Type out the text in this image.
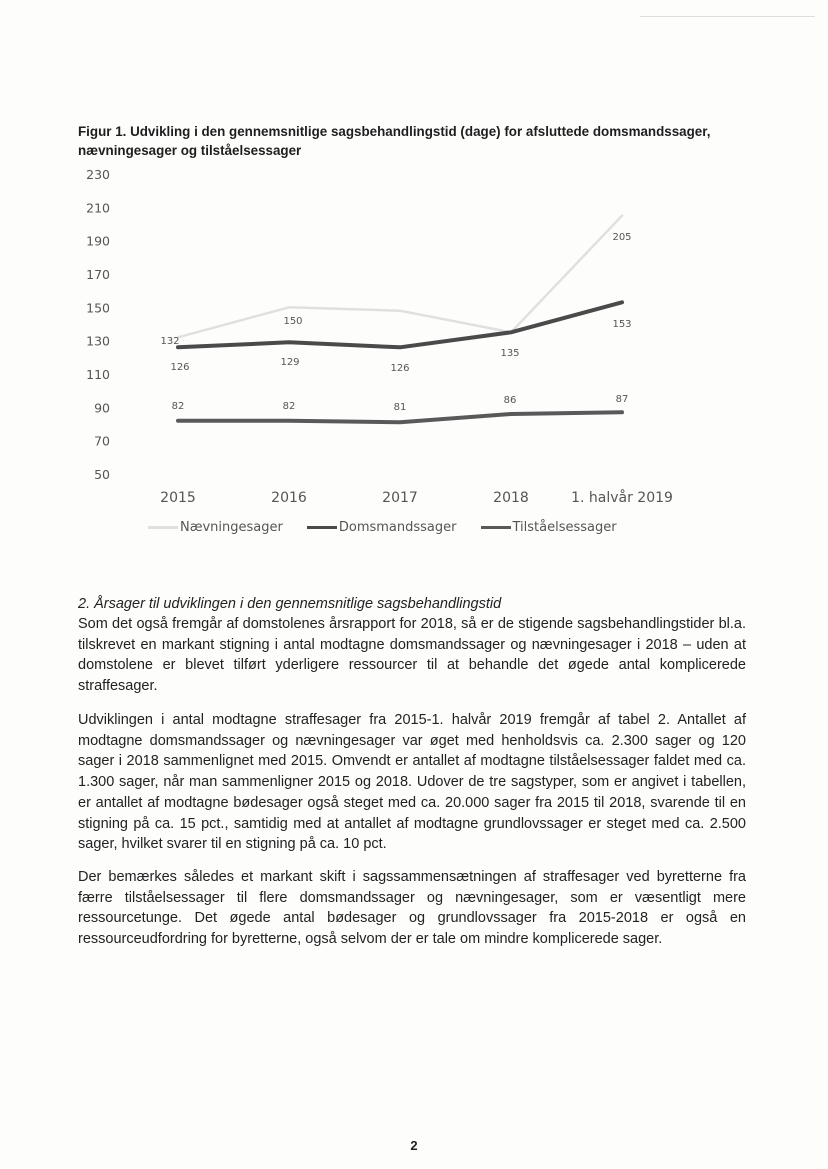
Figur 1. Udvikling i den gennemsnitlige sagsbehandlingstid (dage) for afsluttede domsmandssager, nævningesager og tilståelsessager
230
210
190
170
150
130
110
90
70
50
2015	2016	2017	2018	1. halvår 2019
132
150
205
126	129
126
135
153
82	82	81
86	87
Nævningesager	Domsmandssager	Tilståelsessager
2. Årsager til udviklingen i den gennemsnitlige sagsbehandlingstid

Som det også fremgår af domstolenes årsrapport for 2018, så er de stigende sagsbehandlingstider bl.a. tilskrevet en markant stigning i antal modtagne domsmandssager og nævningesager i 2018 – uden at domstolene er blevet tilført yderligere ressourcer til at behandle det øgede antal komplicerede straffesager.

Udviklingen i antal modtagne straffesager fra 2015-1. halvår 2019 fremgår af tabel 2. Antallet af modtagne domsmandssager og nævningesager var øget med henholdsvis ca. 2.300 sager og 120 sager i 2018 sammenlignet med 2015. Omvendt er antallet af modtagne tilståelsessager faldet med ca. 1.300 sager, når man sammenligner 2015 og 2018. Udover de tre sagstyper, som er angivet i tabellen, er antallet af modtagne bødesager også steget med ca. 20.000 sager fra 2015 til 2018, svarende til en stigning på ca. 15 pct., samtidig med at antallet af modtagne grundlovssager er steget med ca. 2.500 sager, hvilket svarer til en stigning på ca. 10 pct.

Der bemærkes således et markant skift i sagssammensætningen af straffesager ved byretterne fra færre tilståelsessager til flere domsmandssager og nævningesager, som er væsentligt mere ressourcetunge. Det øgede antal bødesager og grundlovssager fra 2015-2018 er også en ressourceudfordring for byretterne, også selvom der er tale om mindre komplicerede sager.

2
